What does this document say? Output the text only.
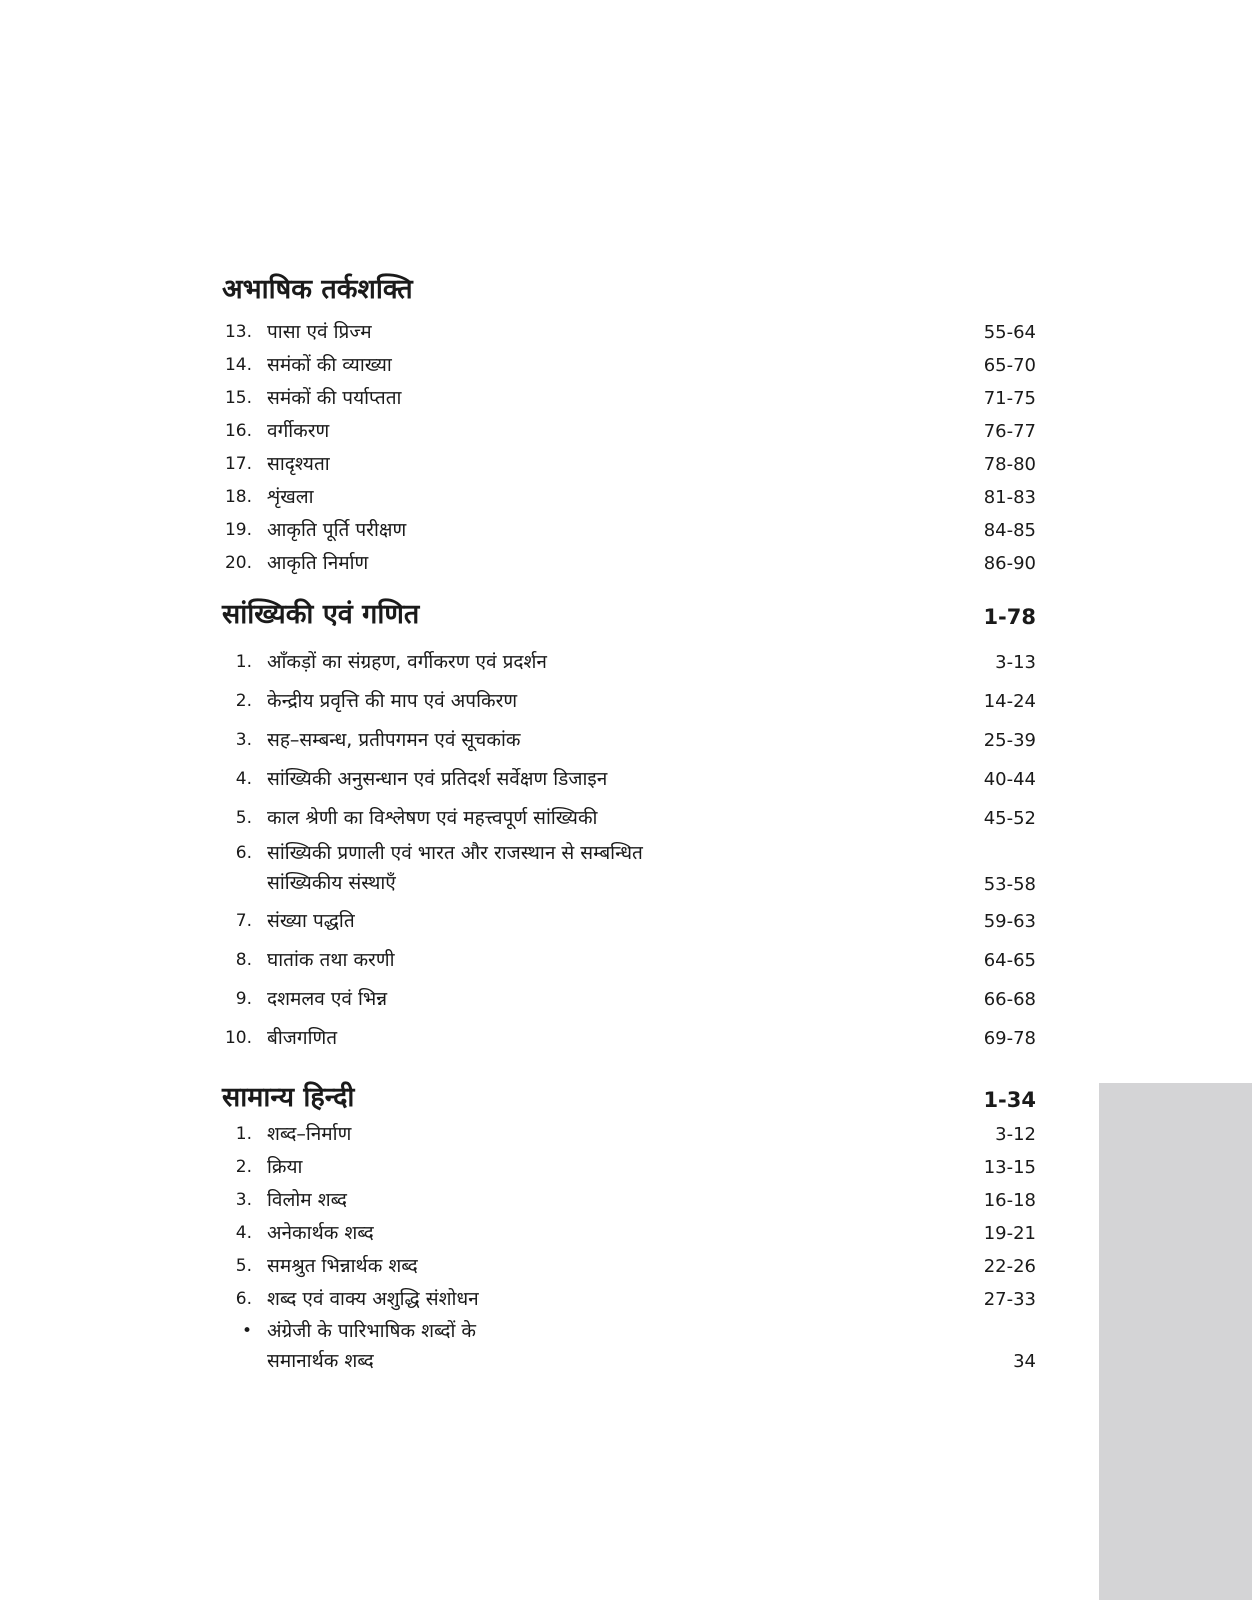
अभाषिक तर्कशक्ति
13. पासा एवं प्रिज्म	55-64
14. समंकों की व्याख्या	65-70
15. समंकों की पर्याप्तता	71-75
16. वर्गीकरण	76-77
17. सादृश्यता	78-80
18. शृंखला	81-83
19. आकृति पूर्ति परीक्षण	84-85
20. आकृति निर्माण	86-90
सांख्यिकी एवं गणित	1-78
1. आँकड़ों का संग्रहण, वर्गीकरण एवं प्रदर्शन	3-13
2. केन्द्रीय प्रवृत्ति की माप एवं अपकिरण	14-24
3. सह–सम्बन्ध, प्रतीपगमन एवं सूचकांक	25-39
4. सांख्यिकी अनुसन्धान एवं प्रतिदर्श सर्वेक्षण डिजाइन	40-44
5. काल श्रेणी का विश्लेषण एवं महत्त्वपूर्ण सांख्यिकी	45-52
6. सांख्यिकी प्रणाली एवं भारत और राजस्थान से सम्बन्धित
सांख्यिकीय संस्थाएँ	53-58
7. संख्या पद्धति	59-63
8. घातांक तथा करणी	64-65
9. दशमलव एवं भिन्न	66-68
10. बीजगणित	69-78
सामान्य हिन्दी	1-34
1. शब्द–निर्माण	3-12
2. क्रिया	13-15
3. विलोम शब्द	16-18
4. अनेकार्थक शब्द	19-21
5. समश्रुत भिन्नार्थक शब्द	22-26
6. शब्द एवं वाक्य अशुद्धि संशोधन	27-33
• अंग्रेजी के पारिभाषिक शब्दों के
समानार्थक शब्द	34
